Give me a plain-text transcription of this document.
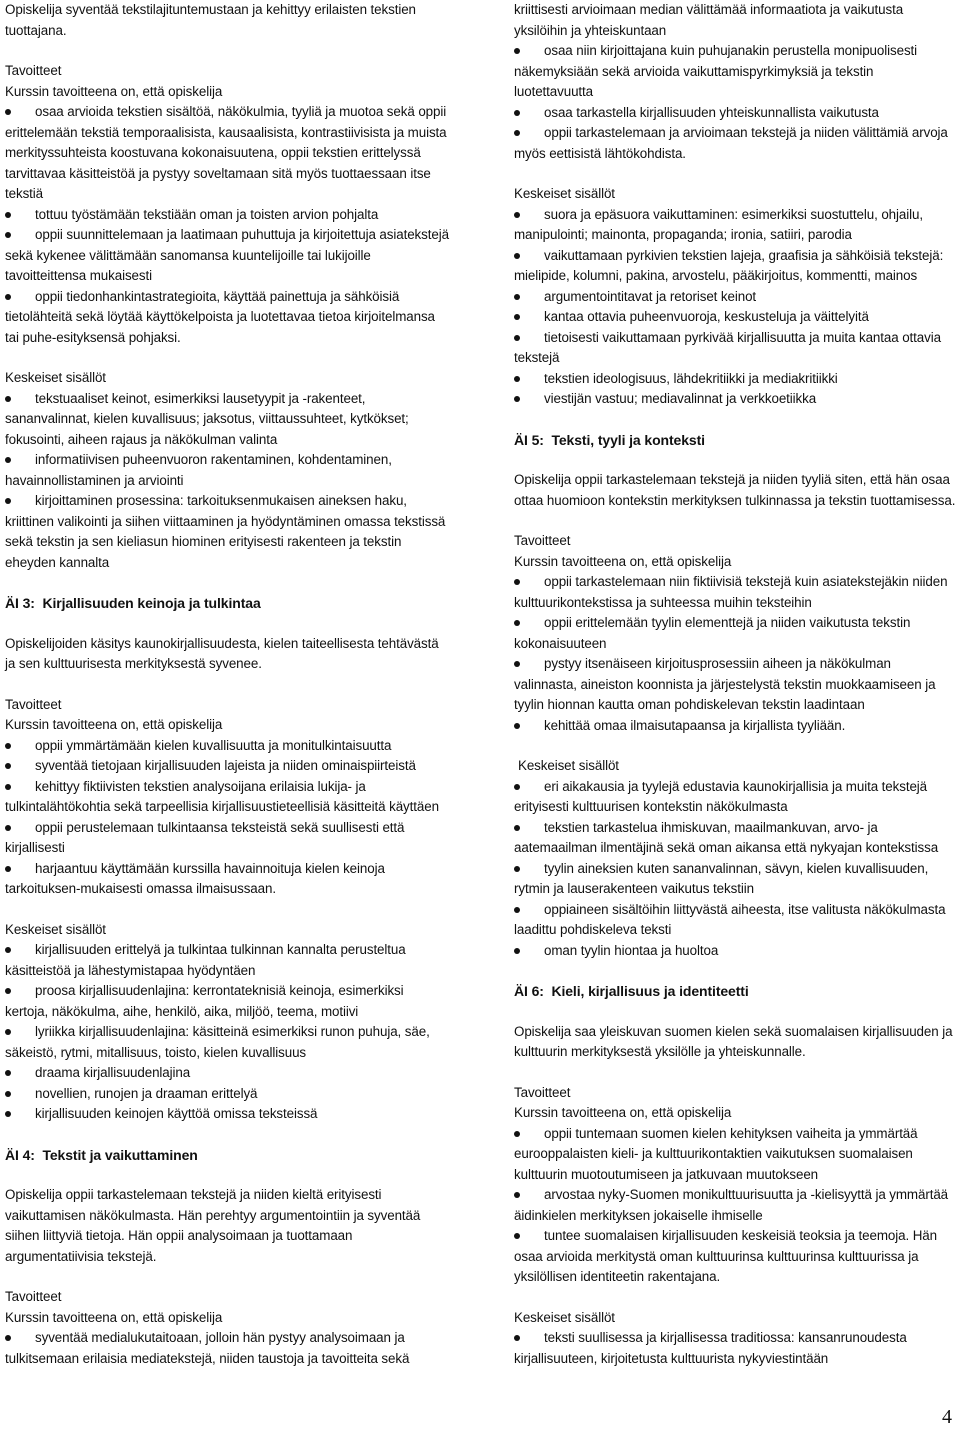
Opiskelija syventää tekstilajituntemustaan ja kehittyy erilaisten tekstien tuottajana.

Tavoitteet

Kurssin tavoitteena on, että opiskelija

osaa arvioida tekstien sisältöä, näkökulmia, tyyliä ja muotoa sekä oppii erittelemään tekstiä temporaalisista, kausaalisista, kontrastiivisista ja muista merkityssuhteista koostuvana kokonaisuutena, oppii tekstien erittelyssä tarvittavaa käsitteistöä ja pystyy soveltamaan sitä myös tuottaessaan itse tekstiä

tottuu työstämään tekstiään oman ja toisten arvion pohjalta

oppii suunnittelemaan ja laatimaan puhuttuja ja kirjoitettuja asiatekstejä sekä kykenee välittämään sanomansa kuuntelijoille tai lukijoille tavoitteittensa mukaisesti

oppii tiedonhankintastrategioita, käyttää painettuja ja sähköisiä tietolähteitä sekä löytää käyttökelpoista ja luotettavaa tietoa kirjoitelmansa tai puhe-esityksensä pohjaksi.

Keskeiset sisällöt

tekstuaaliset keinot, esimerkiksi lausetyypit ja -rakenteet, sananvalinnat, kielen kuvallisuus; jaksotus, viittaussuhteet, kytkökset; fokusointi, aiheen rajaus ja näkökulman valinta

informatiivisen puheenvuoron rakentaminen, kohdentaminen, havainnollistaminen ja arviointi

kirjoittaminen prosessina: tarkoituksenmukaisen aineksen haku, kriittinen valikointi ja siihen viittaaminen ja hyödyntäminen omassa tekstissä sekä tekstin ja sen kieliasun hiominen erityisesti rakenteen ja tekstin eheyden kannalta

ÄI 3: Kirjallisuuden keinoja ja tulkintaa

Opiskelijoiden käsitys kaunokirjallisuudesta, kielen taiteellisesta tehtävästä ja sen kulttuurisesta merkityksestä syvenee.

Tavoitteet

Kurssin tavoitteena on, että opiskelija

oppii ymmärtämään kielen kuvallisuutta ja monitulkintaisuutta

syventää tietojaan kirjallisuuden lajeista ja niiden ominaispiirteistä

kehittyy fiktiivisten tekstien analysoijana erilaisia lukija- ja tulkintalähtökohtia sekä tarpeellisia kirjallisuustieteellisiä käsitteitä käyttäen

oppii perustelemaan tulkintaansa teksteistä sekä suullisesti että kirjallisesti

harjaantuu käyttämään kurssilla havainnoituja kielen keinoja tarkoituksen-mukaisesti omassa ilmaisussaan.

Keskeiset sisällöt

kirjallisuuden erittelyä ja tulkintaa tulkinnan kannalta perusteltua käsitteistöä ja lähestymistapaa hyödyntäen

proosa kirjallisuudenlajina: kerrontateknisiä keinoja, esimerkiksi kertoja, näkökulma, aihe, henkilö, aika, miljöö, teema, motiivi

lyriikka kirjallisuudenlajina: käsitteinä esimerkiksi runon puhuja, säe, säkeistö, rytmi, mitallisuus, toisto, kielen kuvallisuus

draama kirjallisuudenlajina

novellien, runojen ja draaman erittelyä

kirjallisuuden keinojen käyttöä omissa teksteissä

ÄI 4: Tekstit ja vaikuttaminen

Opiskelija oppii tarkastelemaan tekstejä ja niiden kieltä erityisesti vaikuttamisen näkökulmasta. Hän perehtyy argumentointiin ja syventää siihen liittyviä tietoja. Hän oppii analysoimaan ja tuottamaan argumentatiivisia tekstejä.

Tavoitteet

Kurssin tavoitteena on, että opiskelija

syventää medialukutaitoaan, jolloin hän pystyy analysoimaan ja tulkitsemaan erilaisia mediatekstejä, niiden taustoja ja tavoitteita sekä

kriittisesti arvioimaan median välittämää informaatiota ja vaikutusta yksilöihin ja yhteiskuntaan

osaa niin kirjoittajana kuin puhujanakin perustella monipuolisesti näkemyksiään sekä arvioida vaikuttamispyrkimyksiä ja tekstin luotettavuutta

osaa tarkastella kirjallisuuden yhteiskunnallista vaikutusta

oppii tarkastelemaan ja arvioimaan tekstejä ja niiden välittämiä arvoja myös eettisistä lähtökohdista.

Keskeiset sisällöt

suora ja epäsuora vaikuttaminen: esimerkiksi suostuttelu, ohjailu, manipulointi; mainonta, propaganda; ironia, satiiri, parodia

vaikuttamaan pyrkivien tekstien lajeja, graafisia ja sähköisiä tekstejä: mielipide, kolumni, pakina, arvostelu, pääkirjoitus, kommentti, mainos

argumentointitavat ja retoriset keinot

kantaa ottavia puheenvuoroja, keskusteluja ja väittelyitä

tietoisesti vaikuttamaan pyrkivää kirjallisuutta ja muita kantaa ottavia tekstejä

tekstien ideologisuus, lähdekritiikki ja mediakritiikki

viestijän vastuu; mediavalinnat ja verkkoetiikka

ÄI 5: Teksti, tyyli ja konteksti

Opiskelija oppii tarkastelemaan tekstejä ja niiden tyyliä siten, että hän osaa ottaa huomioon kontekstin merkityksen tulkinnassa ja tekstin tuottamisessa.

Tavoitteet

Kurssin tavoitteena on, että opiskelija

oppii tarkastelemaan niin fiktiivisiä tekstejä kuin asiatekstejäkin niiden kulttuurikontekstissa ja suhteessa muihin teksteihin

oppii erittelemään tyylin elementtejä ja niiden vaikutusta tekstin kokonaisuuteen

pystyy itsenäiseen kirjoitusprosessiin aiheen ja näkökulman valinnasta, aineiston koonnista ja järjestelystä tekstin muokkaamiseen ja tyylin hionnan kautta oman pohdiskelevan tekstin laadintaan

kehittää omaa ilmaisutapaansa ja kirjallista tyyliään.

Keskeiset sisällöt

eri aikakausia ja tyylejä edustavia kaunokirjallisia ja muita tekstejä erityisesti kulttuurisen kontekstin näkökulmasta

tekstien tarkastelua ihmiskuvan, maailmankuvan, arvo- ja aatemaailman ilmentäjinä sekä oman aikansa että nykyajan kontekstissa

tyylin aineksien kuten sananvalinnan, sävyn, kielen kuvallisuuden, rytmin ja lauserakenteen vaikutus tekstiin

oppiaineen sisältöihin liittyvästä aiheesta, itse valitusta näkökulmasta laadittu pohdiskeleva teksti

oman tyylin hiontaa ja huoltoa

ÄI 6: Kieli, kirjallisuus ja identiteetti

Opiskelija saa yleiskuvan suomen kielen sekä suomalaisen kirjallisuuden ja kulttuurin merkityksestä yksilölle ja yhteiskunnalle.

Tavoitteet

Kurssin tavoitteena on, että opiskelija

oppii tuntemaan suomen kielen kehityksen vaiheita ja ymmärtää eurooppalaisten kieli- ja kulttuurikontaktien vaikutuksen suomalaisen kulttuurin muotoutumiseen ja jatkuvaan muutokseen

arvostaa nyky-Suomen monikulttuurisuutta ja -kielisyyttä ja ymmärtää äidinkielen merkityksen jokaiselle ihmiselle

tuntee suomalaisen kirjallisuuden keskeisiä teoksia ja teemoja. Hän osaa arvioida merkitystä oman kulttuurinsa kulttuurinsa kulttuurissa ja yksilöllisen identiteetin rakentajana.

Keskeiset sisällöt

teksti suullisessa ja kirjallisessa traditiossa: kansanrunoudesta kirjallisuuteen, kirjoitetusta kulttuurista nykyviestintään

4
